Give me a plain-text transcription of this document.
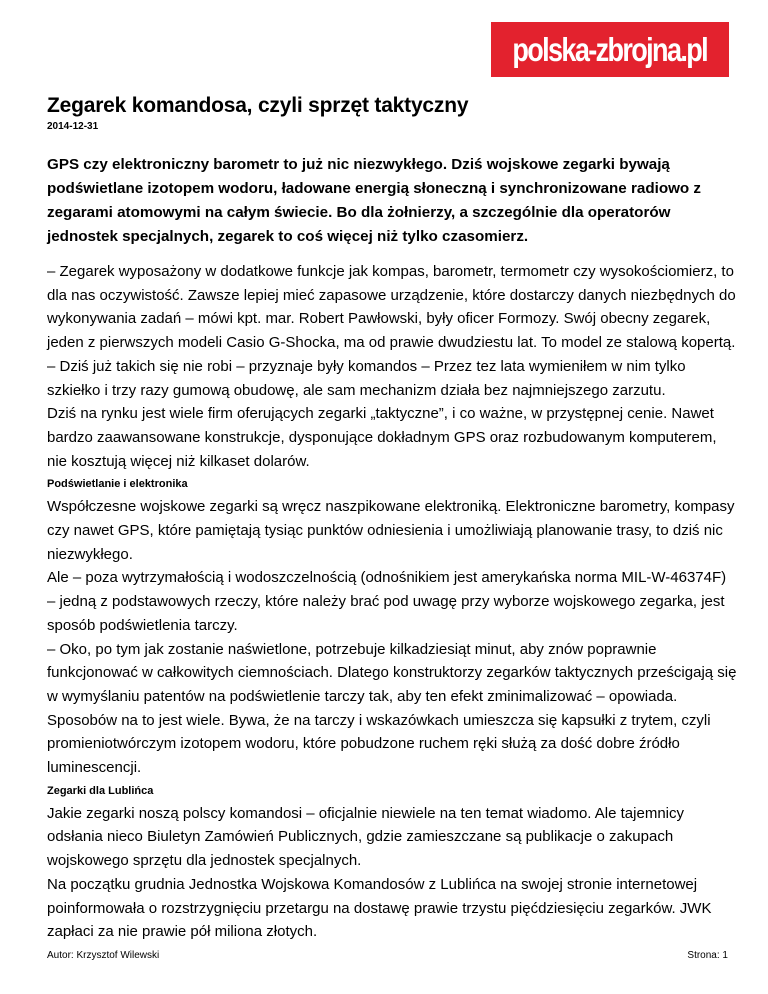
polska-zbrojna.pl
Zegarek komandosa, czyli sprzęt taktyczny
2014-12-31

GPS czy elektroniczny barometr to już nic niezwykłego. Dziś wojskowe zegarki bywają podświetlane izotopem wodoru, ładowane energią słoneczną i synchronizowane radiowo z zegarami atomowymi na całym świecie. Bo dla żołnierzy, a szczególnie dla operatorów jednostek specjalnych, zegarek to coś więcej niż tylko czasomierz.

– Zegarek wyposażony w dodatkowe funkcje jak kompas, barometr, termometr czy wysokościomierz, to dla nas oczywistość. Zawsze lepiej mieć zapasowe urządzenie, które dostarczy danych niezbędnych do wykonywania zadań – mówi kpt. mar. Robert Pawłowski, były oficer Formozy. Swój obecny zegarek, jeden z pierwszych modeli Casio G-Shocka, ma od prawie dwudziestu lat. To model ze stalową kopertą. – Dziś już takich się nie robi – przyznaje były komandos – Przez tez lata wymieniłem w nim tylko szkiełko i trzy razy gumową obudowę, ale sam mechanizm działa bez najmniejszego zarzutu.

Dziś na rynku jest wiele firm oferujących zegarki „taktyczne”, i co ważne, w przystępnej cenie. Nawet bardzo zaawansowane konstrukcje, dysponujące dokładnym GPS oraz rozbudowanym komputerem, nie kosztują więcej niż kilkaset dolarów.

Podświetlanie i elektronika

Współczesne wojskowe zegarki są wręcz naszpikowane elektroniką. Elektroniczne barometry, kompasy czy nawet GPS, które pamiętają tysiąc punktów odniesienia i umożliwiają planowanie trasy, to dziś nic niezwykłego.

Ale – poza wytrzymałością i wodoszczelnością (odnośnikiem jest amerykańska norma MIL-W-46374F) – jedną z podstawowych rzeczy, które należy brać pod uwagę przy wyborze wojskowego zegarka, jest sposób podświetlenia tarczy.

– Oko, po tym jak zostanie naświetlone, potrzebuje kilkadziesiąt minut, aby znów poprawnie funkcjonować w całkowitych ciemnościach. Dlatego konstruktorzy zegarków taktycznych prześcigają się w wymyślaniu patentów na podświetlenie tarczy tak, aby ten efekt zminimalizować – opowiada.

Sposobów na to jest wiele. Bywa, że na tarczy i wskazówkach umieszcza się kapsułki z trytem, czyli promieniotwórczym izotopem wodoru, które pobudzone ruchem ręki służą za dość dobre źródło luminescencji.

Zegarki dla Lublińca

Jakie zegarki noszą polscy komandosi – oficjalnie niewiele na ten temat wiadomo. Ale tajemnicy odsłania nieco Biuletyn Zamówień Publicznych, gdzie zamieszczane są publikacje o zakupach wojskowego sprzętu dla jednostek specjalnych.

Na początku grudnia Jednostka Wojskowa Komandosów z Lublińca na swojej stronie internetowej poinformowała o rozstrzygnięciu przetargu na dostawę prawie trzystu pięćdziesięciu zegarków. JWK zapłaci za nie prawie pół miliona złotych.

Autor: Krzysztof Wilewski	Strona: 1
